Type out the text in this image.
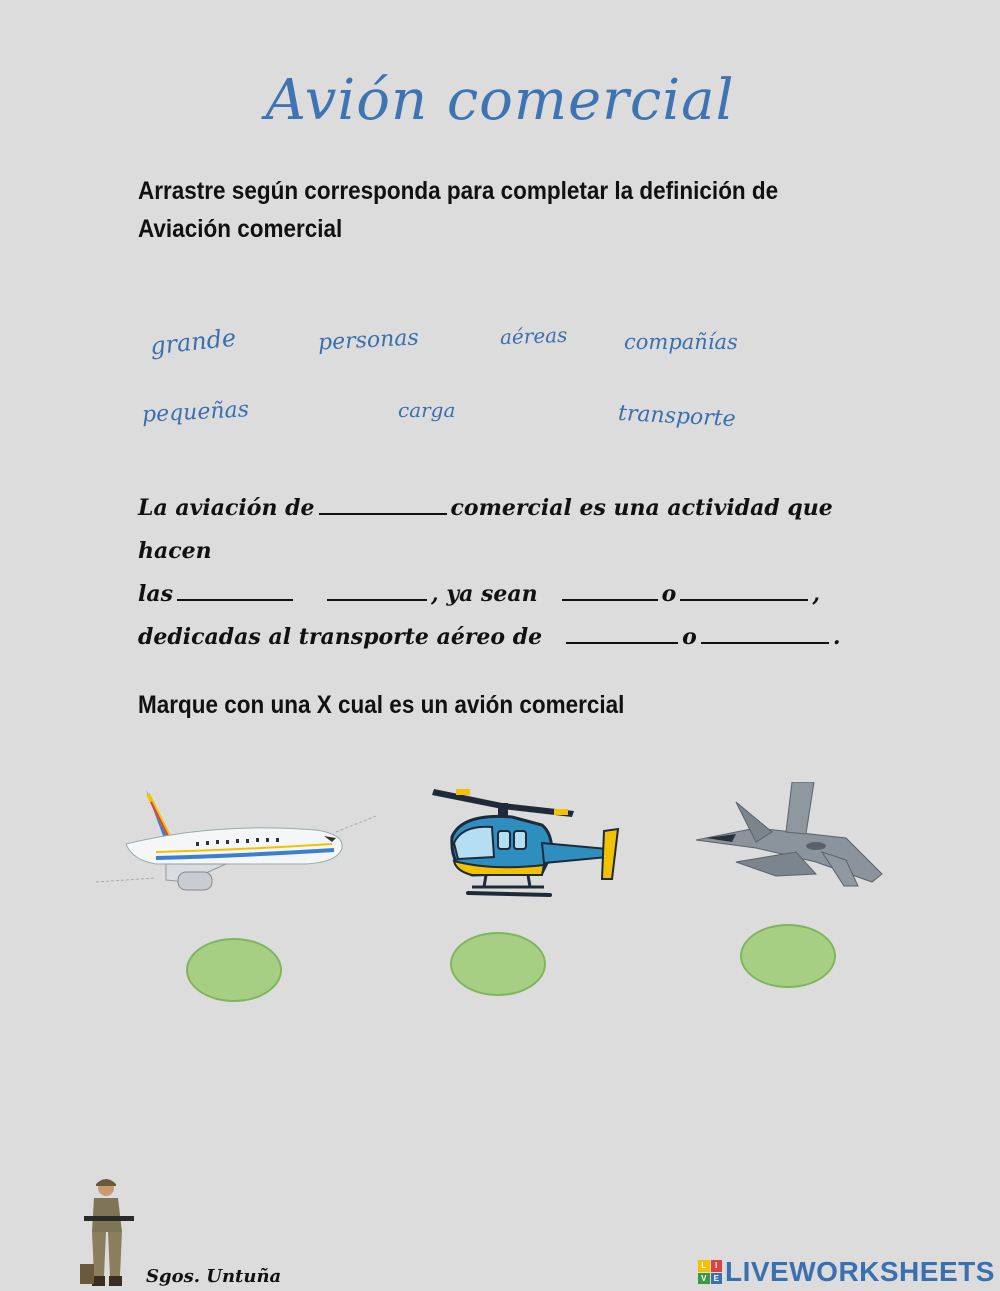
Avión comercial
Arrastre según corresponda para completar la definición de
Aviación comercial
grande	personas	aéreas	compañías
pequeñas	carga	transporte
La aviación de	comercial es una actividad que hacen
las	, ya sean	o	,
dedicadas al transporte aéreo de	o	.
Marque con una X cual es un avión comercial
Sgos. Untuña
L	I
V E LIVEWORKSHEETS
